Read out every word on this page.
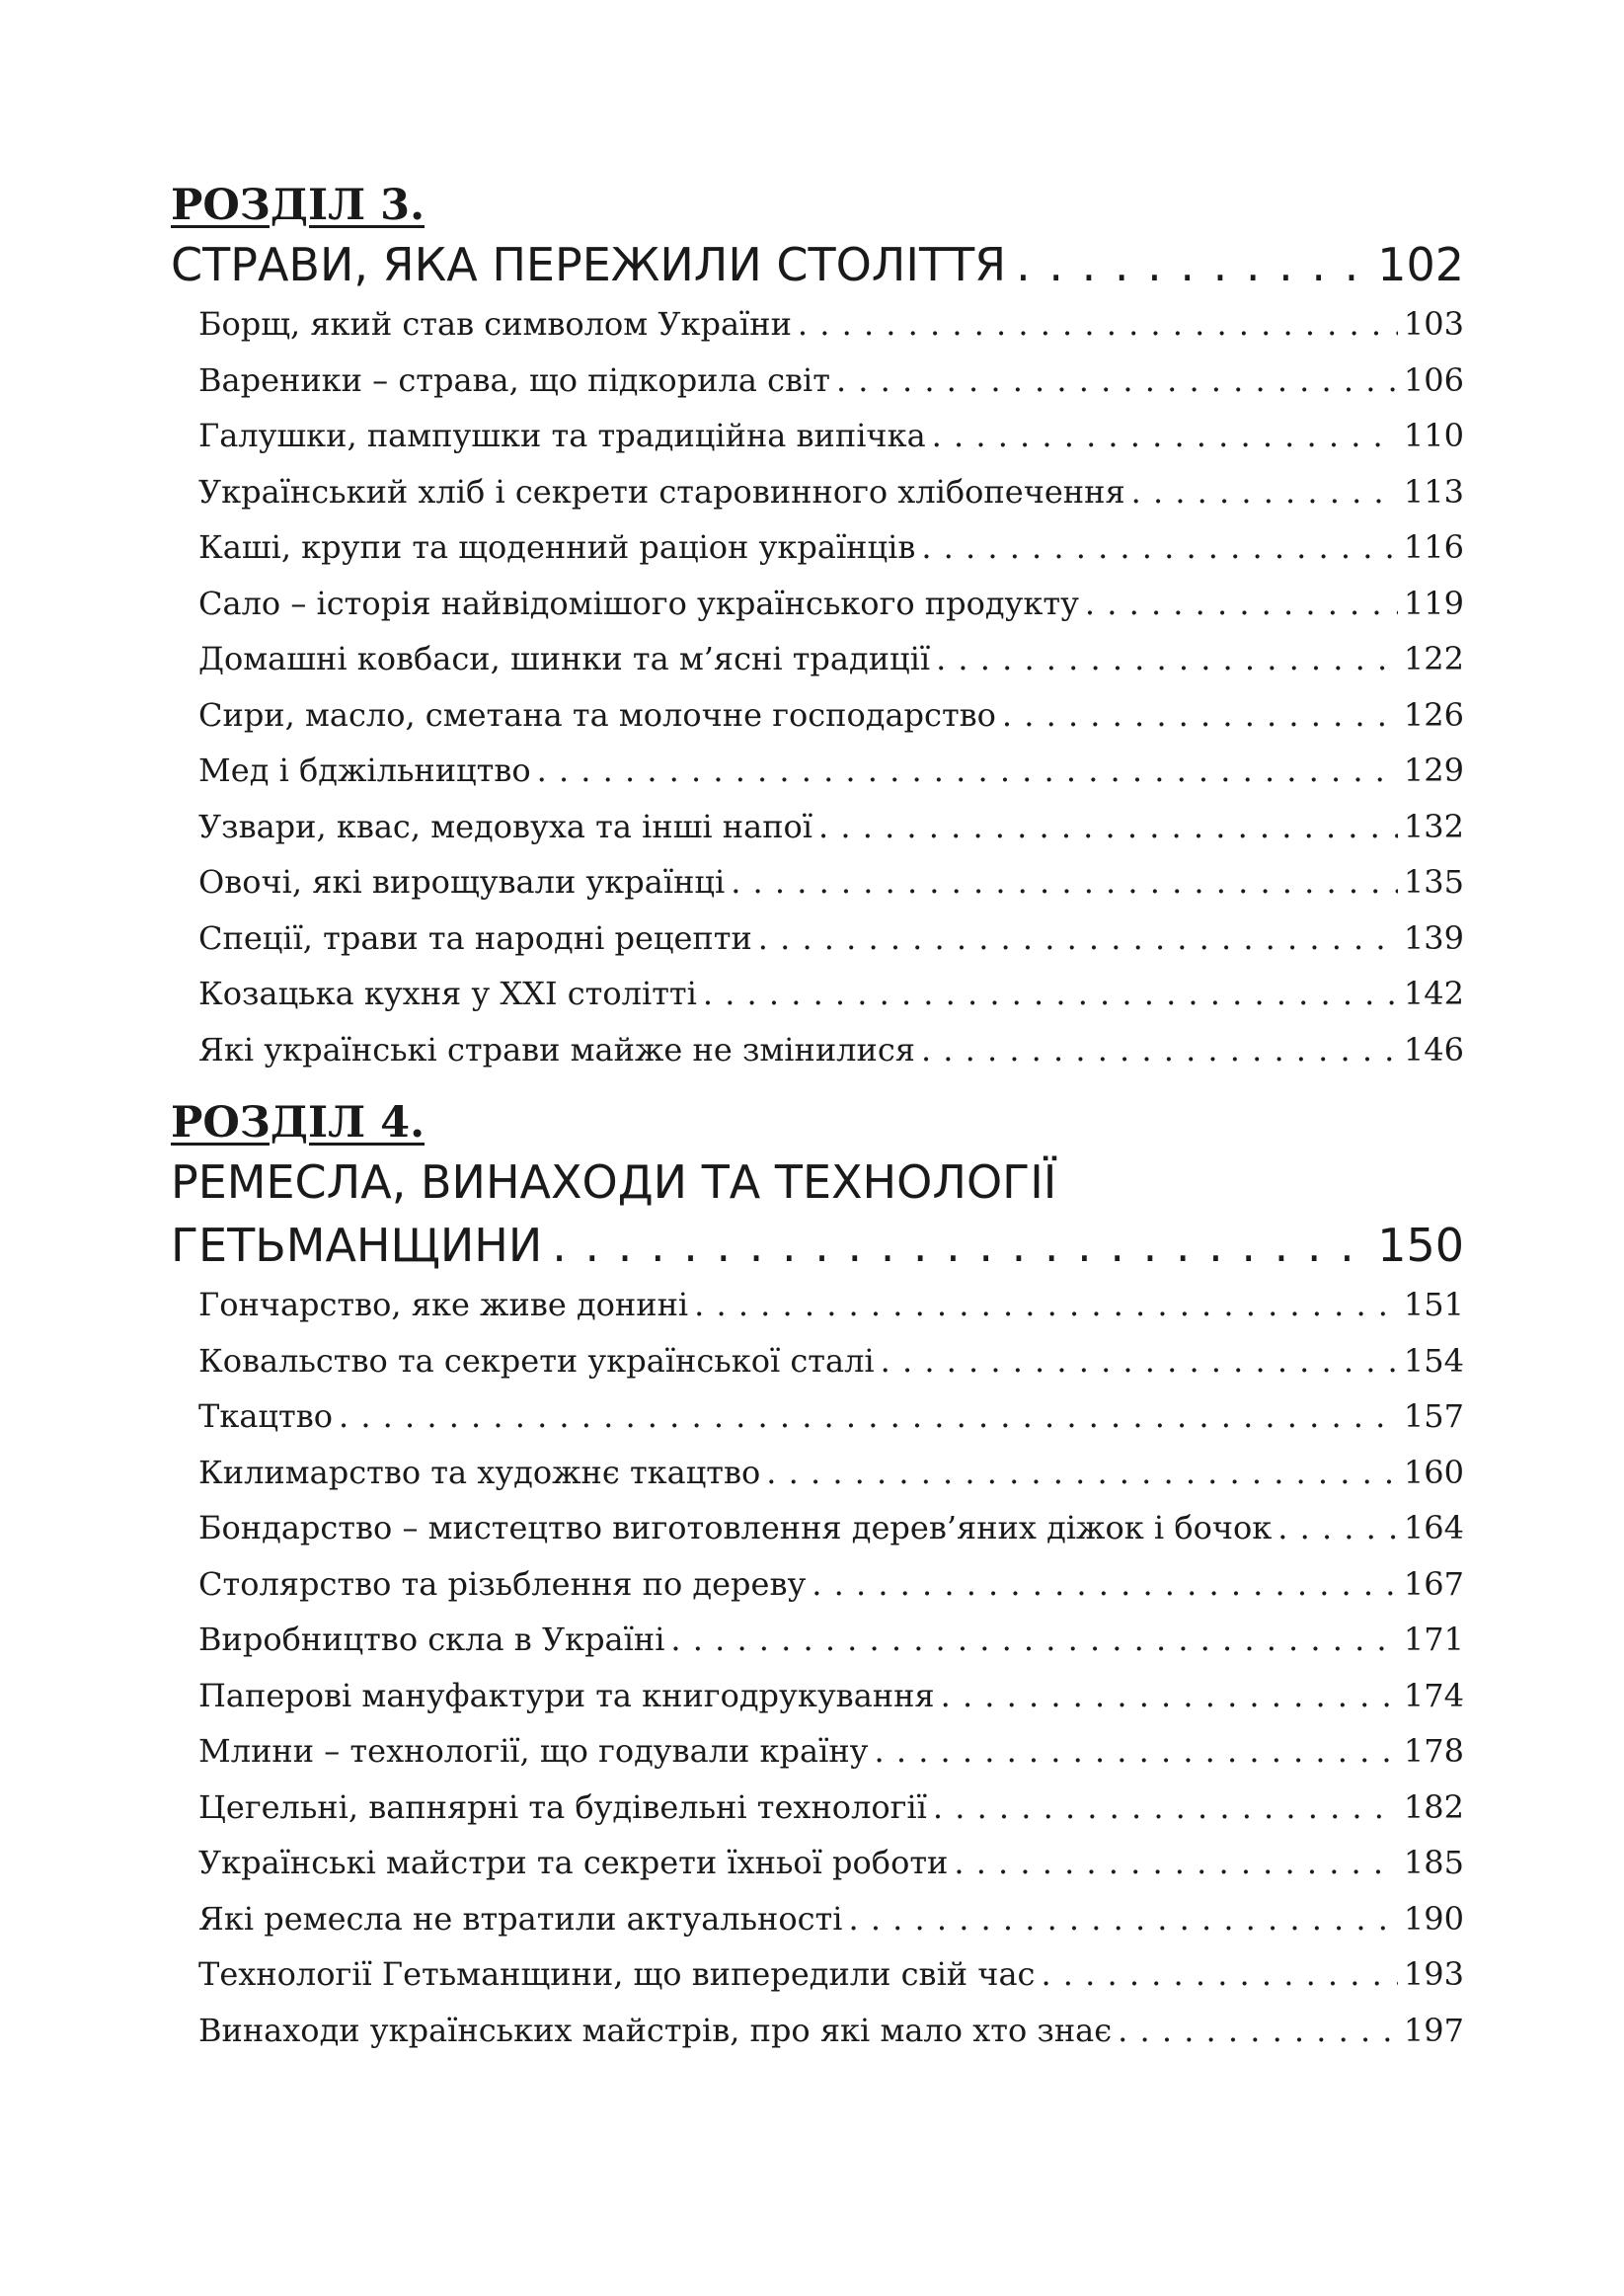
РОЗДІЛ 3.
СТРАВИ, ЯКА ПЕРЕЖИЛИ СТОЛІТТЯ . . .	102
Борщ, який став символом України . . .	103
Вареники – страва, що підкорила світ . . .	106
Галушки, пампушки та традиційна випічка . . .	110
Український хліб і секрети старовинного хлібопечення . . .	113
Каші, крупи та щоденний раціон українців . . .	116
Сало – історія найвідомішого українського продукту . . .	119
Домашні ковбаси, шинки та м’ясні традиції . . .	122
Сири, масло, сметана та молочне господарство . . .	126
Мед і бджільництво . . .	129
Узвари, квас, медовуха та інші напої . . .	132
Овочі, які вирощували українці . . .	135
Спеції, трави та народні рецепти . . .	139
Козацька кухня у XXI столітті . . .	142
Які українські страви майже не змінилися . . .	146
РОЗДІЛ 4.
РЕМЕСЛА, ВИНАХОДИ ТА ТЕХНОЛОГІЇ
ГЕТЬМАНЩИНИ . . .	150
Гончарство, яке живе донині . . .	151
Ковальство та секрети української сталі . . .	154
Ткацтво . . .	157
Килимарство та художнє ткацтво . . .	160
Бондарство – мистецтво виготовлення дерев’яних діжок і бочок . . .	164
Столярство та різьблення по дереву . . .	167
Виробництво скла в Україні . . .	171
Паперові мануфактури та книгодрукування . . .	174
Млини – технології, що годували країну . . .	178
Цегельні, вапнярні та будівельні технології . . .	182
Українські майстри та секрети їхньої роботи . . .	185
Які ремесла не втратили актуальності . . .	190
Технології Гетьманщини, що випередили свій час . . .	193
Винаходи українських майстрів, про які мало хто знає . . .	197
